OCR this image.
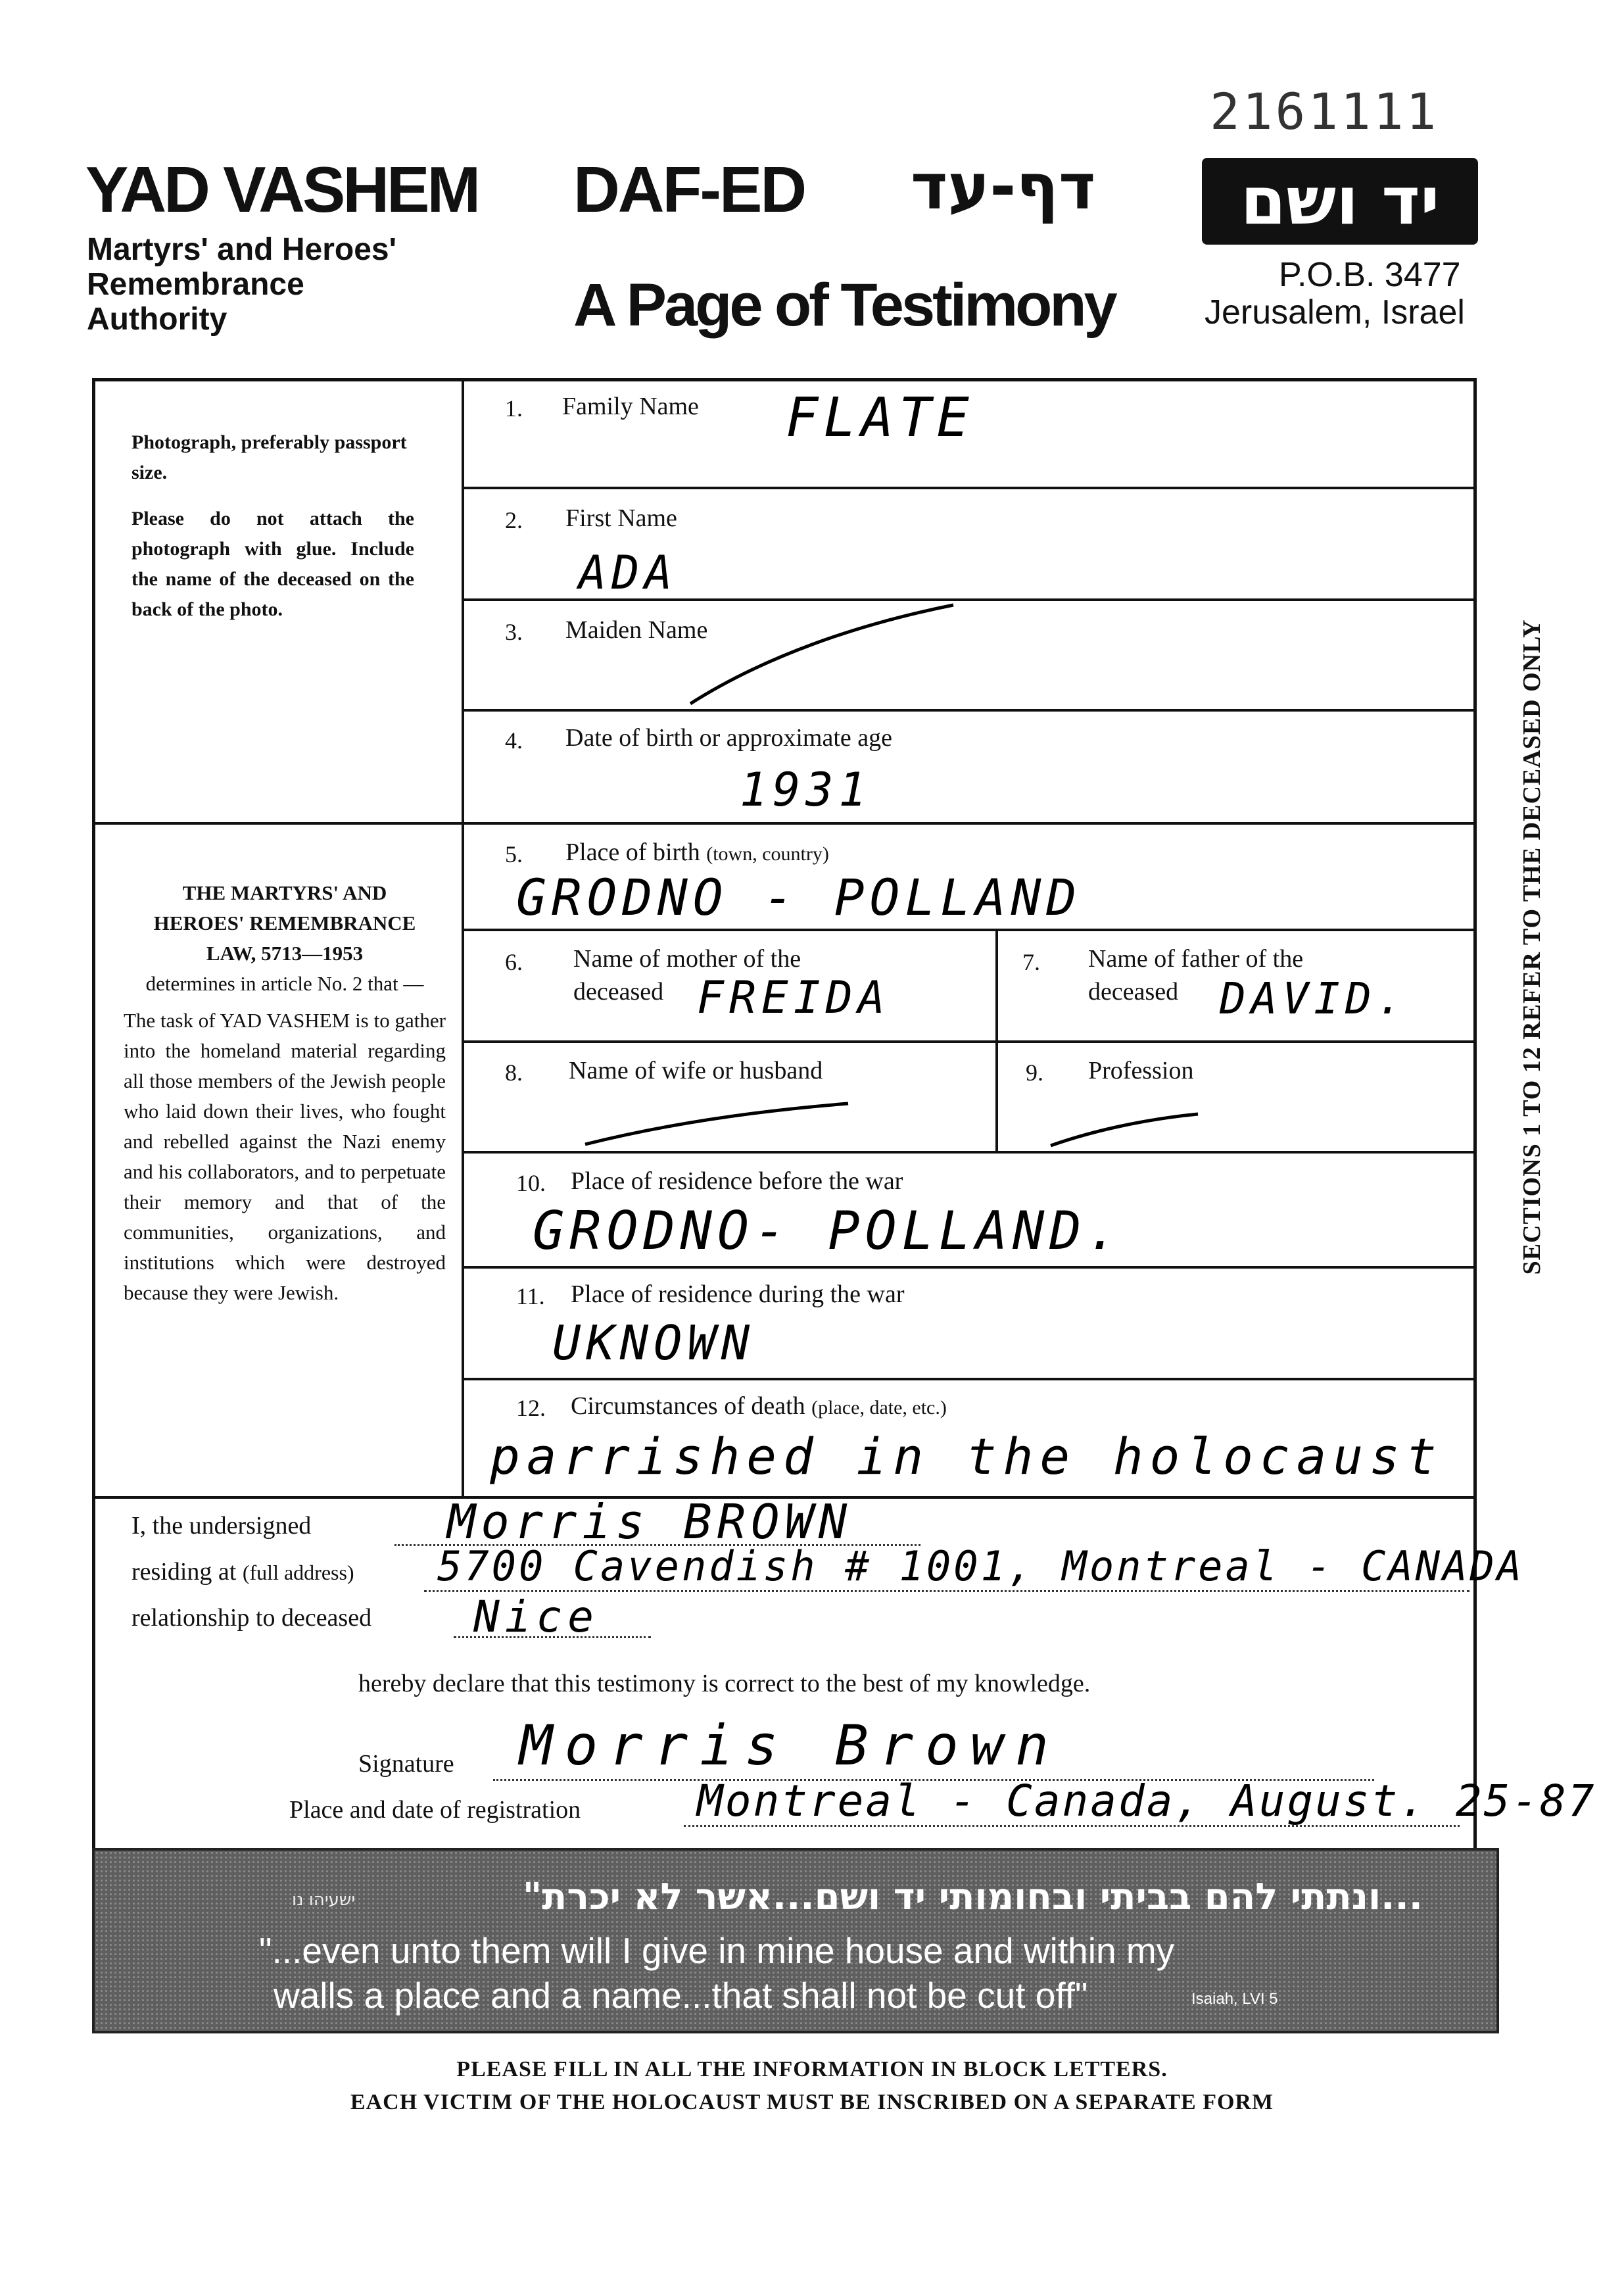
2161111
YAD VASHEM
Martyrs' and Heroes'
Remembrance
Authority
DAF-ED דף-עד
A Page of Testimony
יד ושם
P.O.B. 3477
Jerusalem, Israel
Photograph, preferably passport size.
Please do not attach the photograph with glue. Include the name of the deceased on the back of the photo.
THE MARTYRS' AND HEROES' REMEMBRANCE LAW, 5713—1953
determines in article No. 2 that —
The task of YAD VASHEM is to gather into the homeland material regarding all those members of the Jewish people who laid down their lives, who fought and rebelled against the Nazi enemy and his collaborators, and to perpetuate their memory and that of the communities, organizations, and institutions which were destroyed because they were Jewish.
1. Family Name FLATE
2. First Name
ADA
3. Maiden Name
4. Date of birth or approximate age
1931
5. Place of birth (town, country)
GRODNO - POLLAND
6. Name of mother of the
deceased FREIDA
7. Name of father of the
deceased DAVID.
8. Name of wife or husband	9. Profession
10. Place of residence before the war
GRODNO- POLLAND.
11. Place of residence during the war
UKNOWN
12. Circumstances of death (place, date, etc.)
parrished in the holocaust
SECTIONS 1 TO 12 REFER TO THE DECEASED ONLY
I, the undersigned	Morris BROWN
residing at (full address) 5700 Cavendish # 1001, Montreal - CANADA
relationship to deceased Nice
hereby declare that this testimony is correct to the best of my knowledge.
Signature Morris Brown
Place and date of registration	Montreal - Canada, August. 25-87
ישעיהו נו	...ונתתי להם בביתי ובחומותי יד ושם...אשר לא יכרת"
"...even unto them will I give in mine house and within my
walls a place and a name...that shall not be cut off"	Isaiah, LVI 5
PLEASE FILL IN ALL THE INFORMATION IN BLOCK LETTERS.
EACH VICTIM OF THE HOLOCAUST MUST BE INSCRIBED ON A SEPARATE FORM
